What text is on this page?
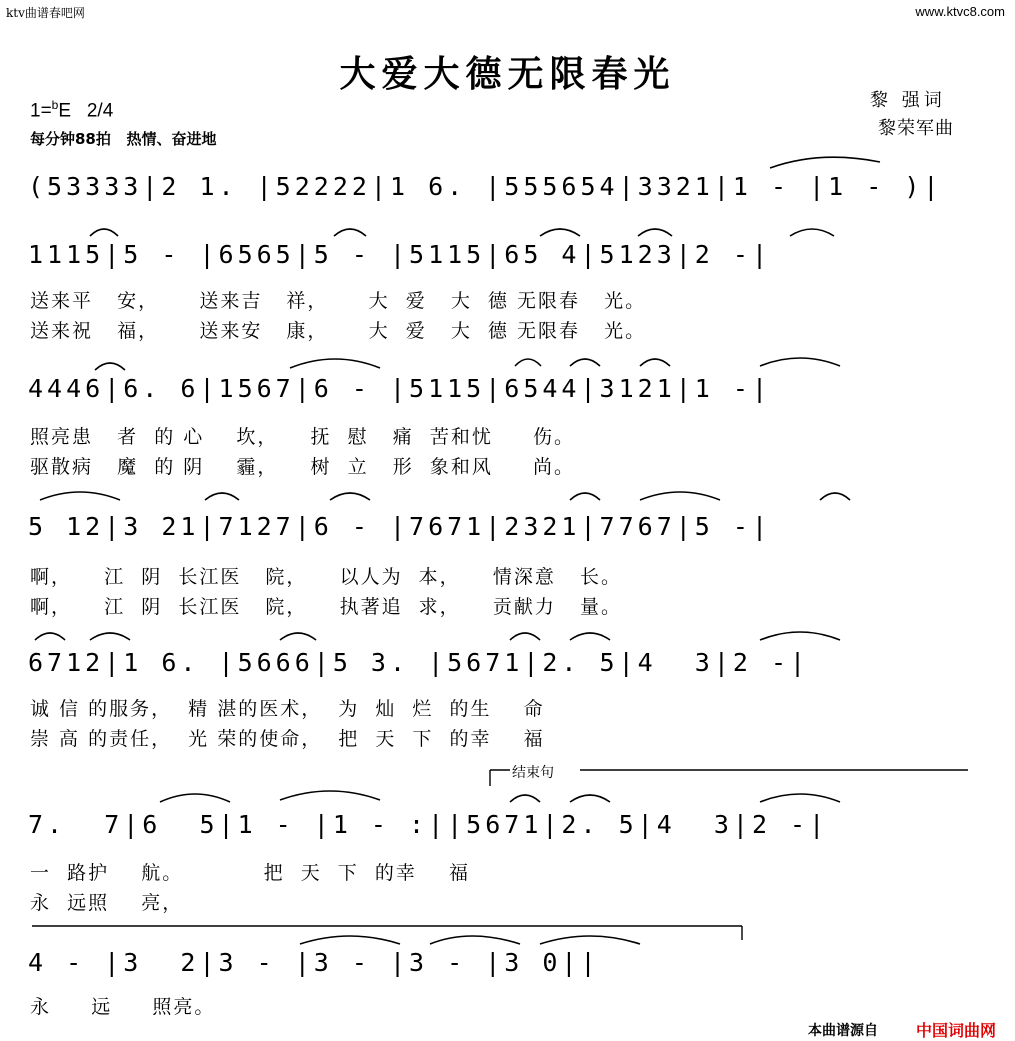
ktv曲谱春吧网	www.ktvc8.com
大爱大德无限春光
1=$^b$E   2/4
每分钟88拍   热情、奋进地
黎 强词
黎荣军曲
(53333|2 1. |52222|1 6. |555654|3321|1 - |1 - )|
1115|5 - |6565|5 - |5115|65 4|5123|2 -|
送来平   安，     送来吉   祥，     大  爱   大  德 无限春   光。
送来祝   福，     送来安   康，     大  爱   大  德 无限春   光。
4446|6. 6|1567|6 - |5115|6544|3121|1 -|
照亮患   者  的 心    坎，    抚  慰   痛  苦和忧     伤。
驱散病   魔  的 阴    霾，    树  立   形  象和风     尚。
5 12|3 21|7127|6 - |7671|2321|7767|5 -|
啊，    江  阴  长江医   院，    以人为  本，    情深意   长。
啊，    江  阴  长江医   院，    执著追  求，    贡献力   量。
6712|1 6. |5666|5 3. |5671|2. 5|4  3|2 -|
诚 信 的服务，  精 湛的医术，  为  灿  烂  的生    命
崇 高 的责任，  光 荣的使命，  把  天  下  的幸    福
结束句
7.  7|6  5|1 - |1 - :||5671|2. 5|4  3|2 -|
一  路护    航。          把  天  下  的幸    福
永  远照    亮，
4 - |3  2|3 - |3 - |3 - |3 0||
永     远     照亮。
本曲谱源自 中国词曲网
